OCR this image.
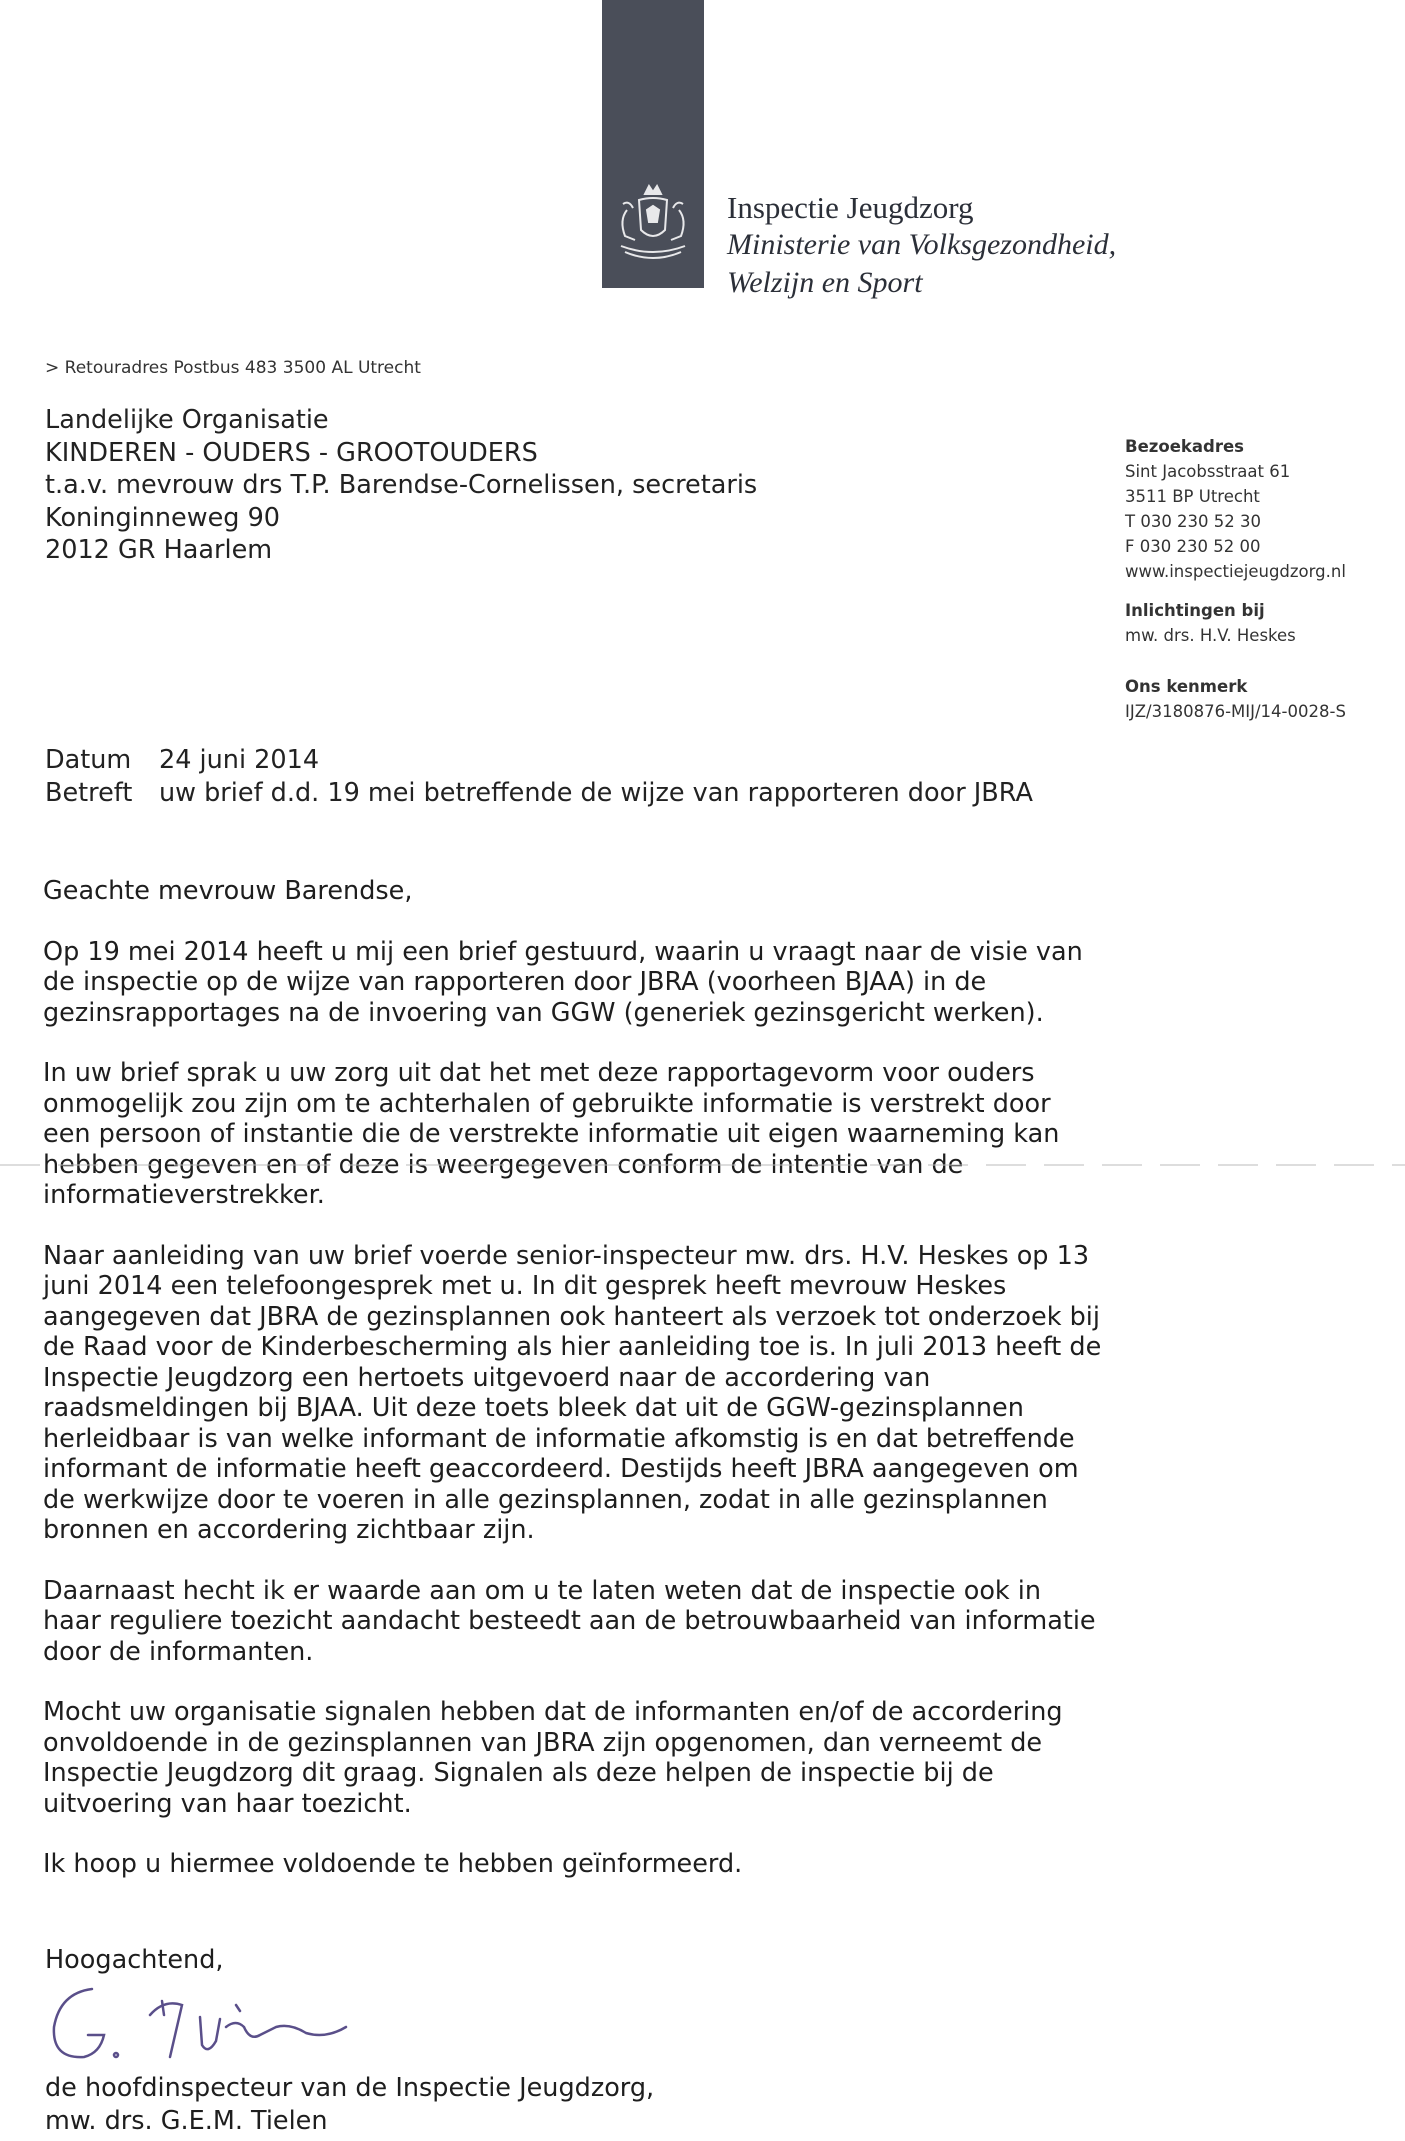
Inspectie Jeugdzorg
Ministerie van Volksgezondheid,
Welzijn en Sport
> Retouradres Postbus 483 3500 AL Utrecht
Landelijke Organisatie
KINDEREN - OUDERS - GROOTOUDERS
t.a.v. mevrouw drs T.P. Barendse-Cornelissen, secretaris
Koninginneweg 90
2012 GR Haarlem
Bezoekadres
Sint Jacobsstraat 61
3511 BP Utrecht
T 030 230 52 30
F 030 230 52 00
www.inspectiejeugdzorg.nl
Inlichtingen bij
mw. drs. H.V. Heskes
Ons kenmerk
IJZ/3180876-MIJ/14-0028-S
Datum 24 juni 2014
Betreft uw brief d.d. 19 mei betreffende de wijze van rapporteren door JBRA

Geachte mevrouw Barendse,

Op 19 mei 2014 heeft u mij een brief gestuurd, waarin u vraagt naar de visie van de inspectie op de wijze van rapporteren door JBRA (voorheen BJAA) in de gezinsrapportages na de invoering van GGW (generiek gezinsgericht werken).

In uw brief sprak u uw zorg uit dat het met deze rapportagevorm voor ouders onmogelijk zou zijn om te achterhalen of gebruikte informatie is verstrekt door een persoon of instantie die de verstrekte informatie uit eigen waarneming kan hebben gegeven en of deze is weergegeven conform de intentie van de informatieverstrekker.

Naar aanleiding van uw brief voerde senior-inspecteur mw. drs. H.V. Heskes op 13 juni 2014 een telefoongesprek met u. In dit gesprek heeft mevrouw Heskes aangegeven dat JBRA de gezinsplannen ook hanteert als verzoek tot onderzoek bij de Raad voor de Kinderbescherming als hier aanleiding toe is. In juli 2013 heeft de Inspectie Jeugdzorg een hertoets uitgevoerd naar de accordering van raadsmeldingen bij BJAA. Uit deze toets bleek dat uit de GGW-gezinsplannen herleidbaar is van welke informant de informatie afkomstig is en dat betreffende informant de informatie heeft geaccordeerd. Destijds heeft JBRA aangegeven om de werkwijze door te voeren in alle gezinsplannen, zodat in alle gezinsplannen bronnen en accordering zichtbaar zijn.

Daarnaast hecht ik er waarde aan om u te laten weten dat de inspectie ook in haar reguliere toezicht aandacht besteedt aan de betrouwbaarheid van informatie door de informanten.

Mocht uw organisatie signalen hebben dat de informanten en/of de accordering onvoldoende in de gezinsplannen van JBRA zijn opgenomen, dan verneemt de Inspectie Jeugdzorg dit graag. Signalen als deze helpen de inspectie bij de uitvoering van haar toezicht.

Ik hoop u hiermee voldoende te hebben geïnformeerd.

Hoogachtend,
de hoofdinspecteur van de Inspectie Jeugdzorg,
mw. drs. G.E.M. Tielen
